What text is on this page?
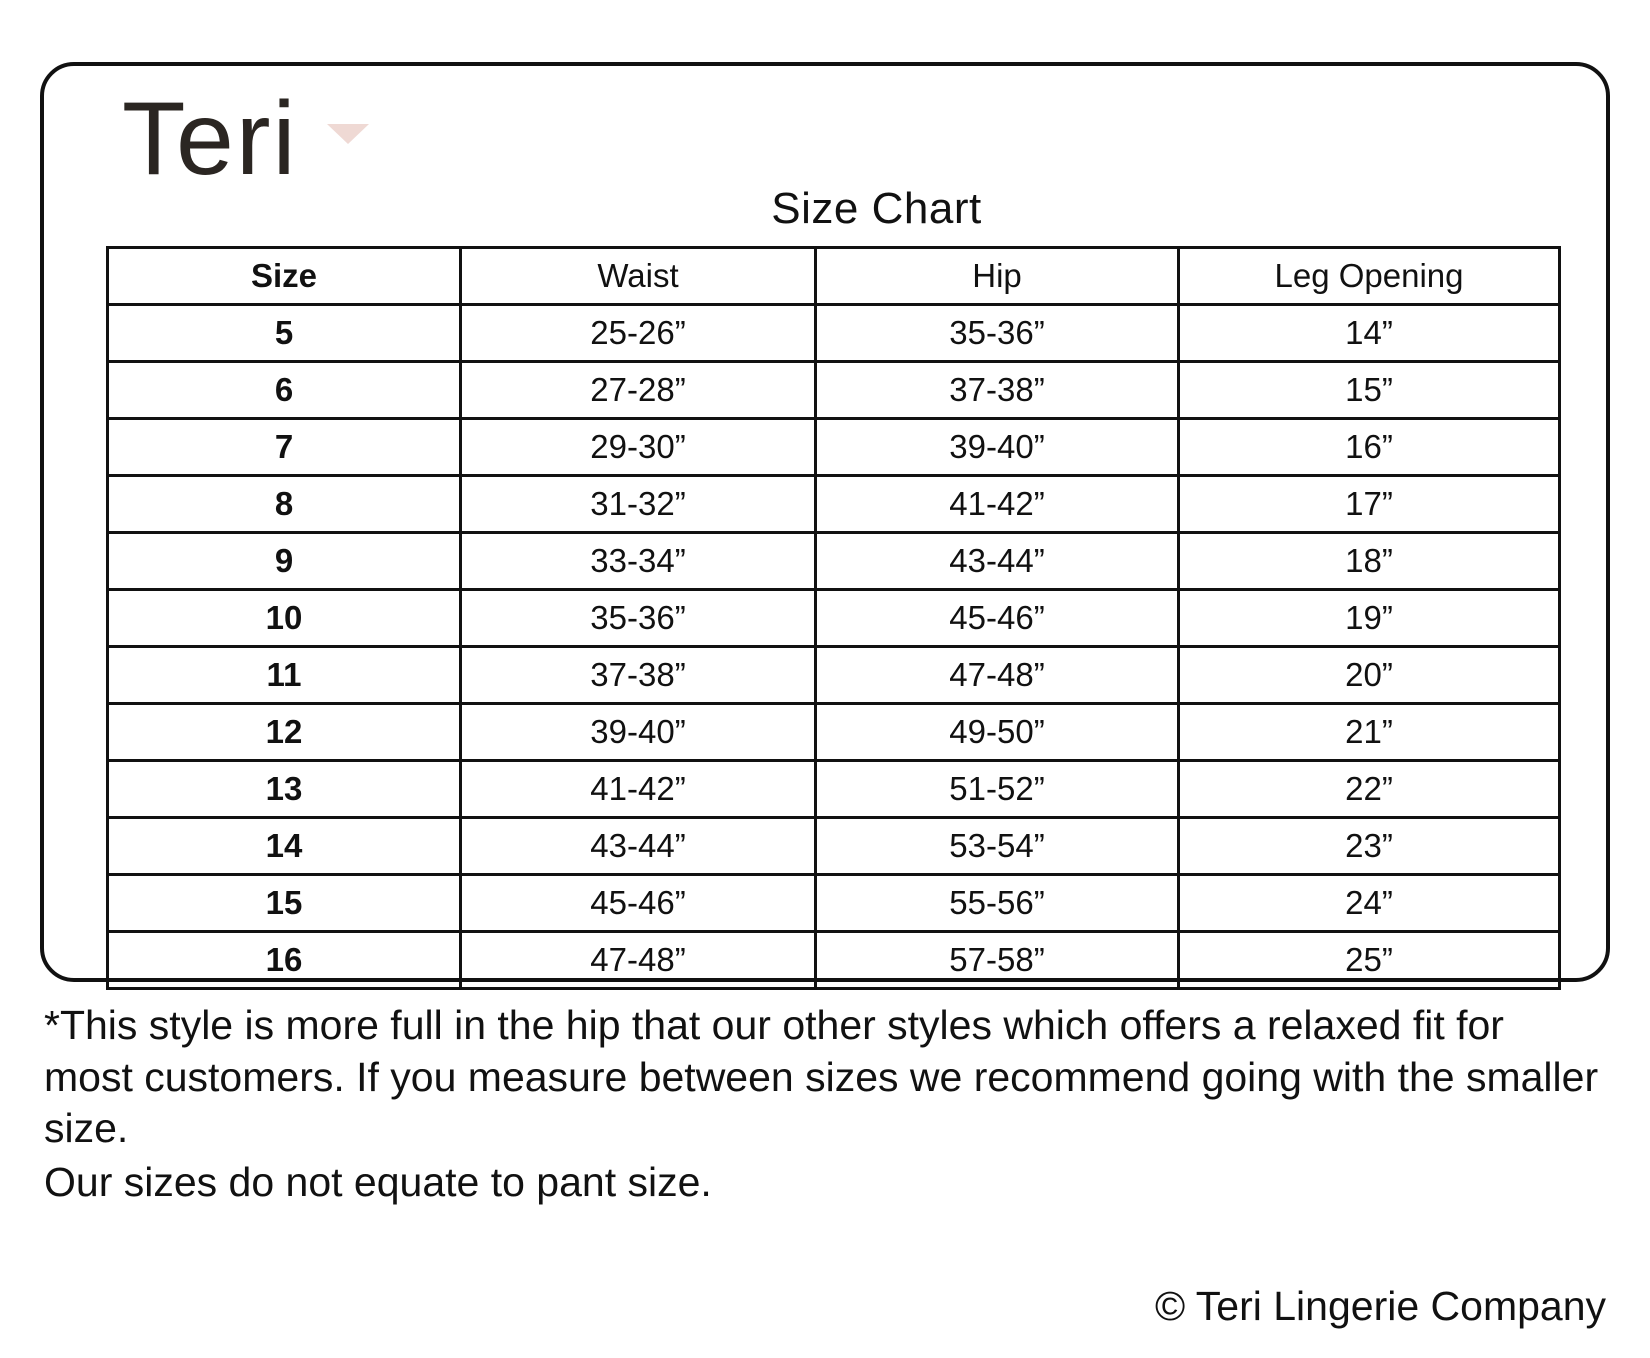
Teri
Size Chart
Size	Waist	Hip	Leg Opening
5	25-26”	35-36”	14”
6	27-28”	37-38”	15”
7	29-30”	39-40”	16”
8	31-32”	41-42”	17”
9	33-34”	43-44”	18”
10	35-36”	45-46”	19”
11	37-38”	47-48”	20”
12	39-40”	49-50”	21”
13	41-42”	51-52”	22”
14	43-44”	53-54”	23”
15	45-46”	55-56”	24”
16	47-48”	57-58”	25”

*This style is more full in the hip that our other styles which offers a relaxed fit for most customers. If you measure between sizes we recommend going with the smaller size.

Our sizes do not equate to pant size.

© Teri Lingerie Company
